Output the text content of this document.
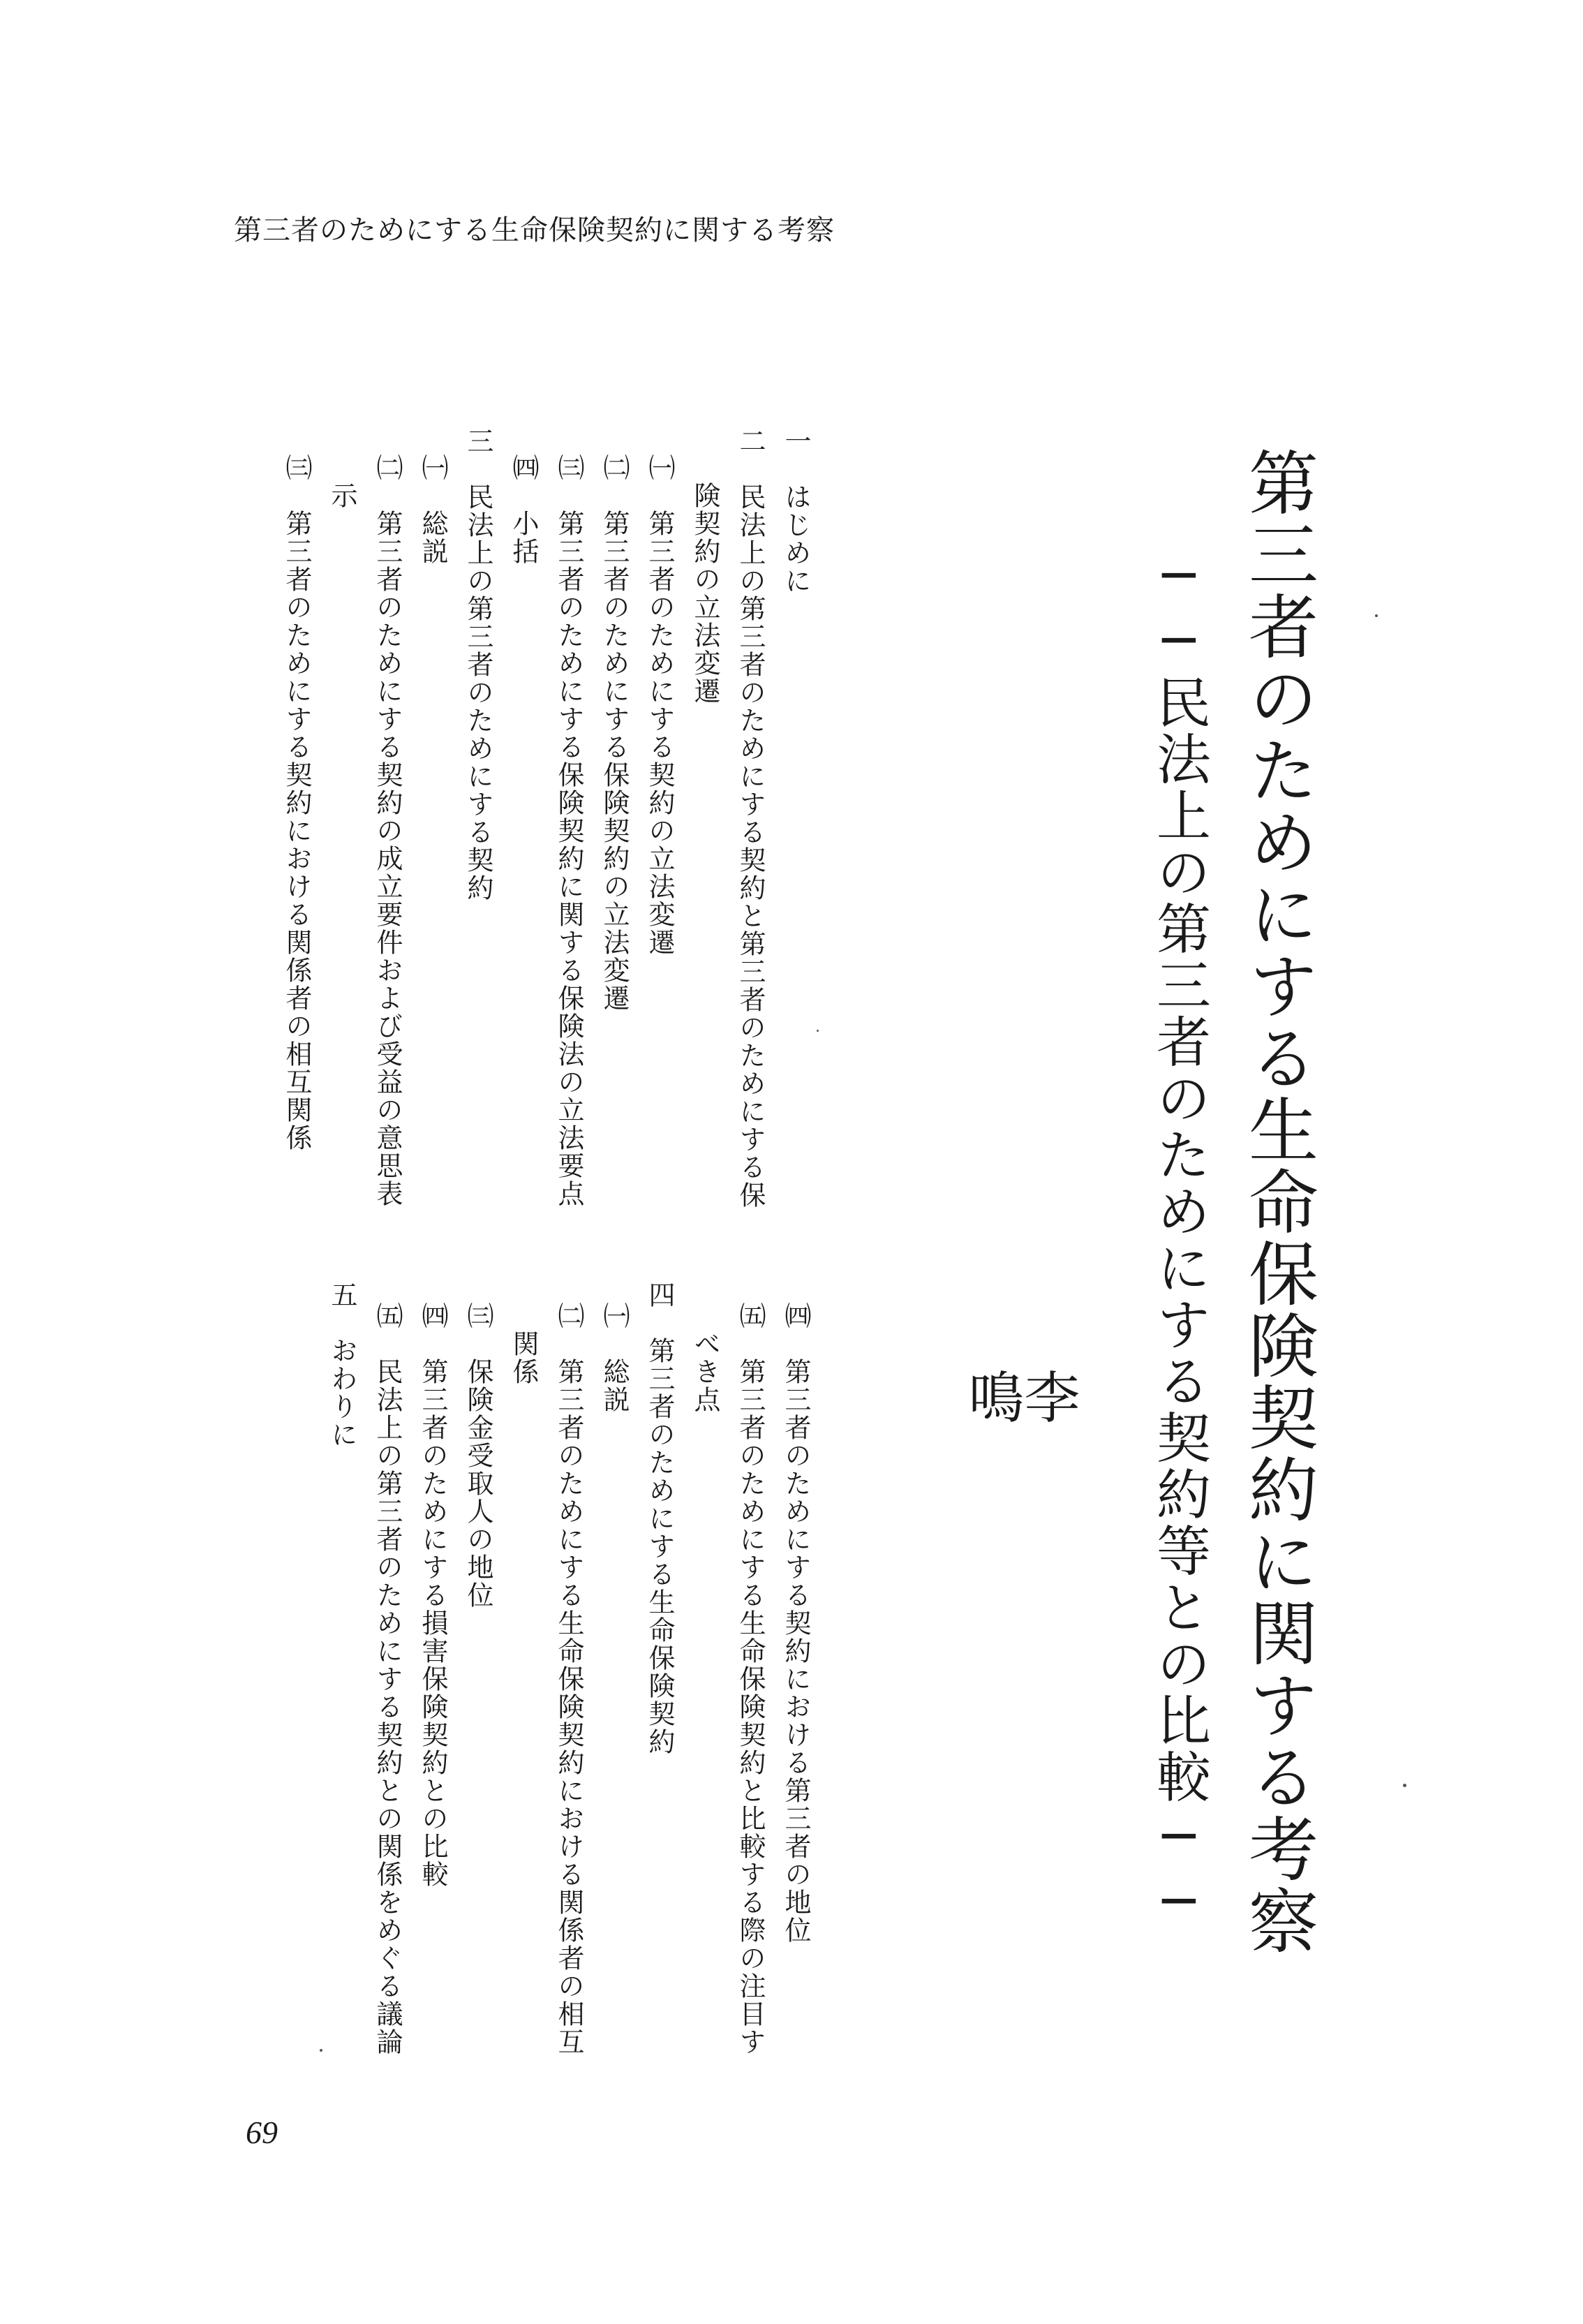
第三者のためにする生命保険契約に関する考察
第三者のためにする生命保険契約に関する考察
──民法上の第三者のためにする契約等との比較──
李
鳴
一　はじめに
二　民法上の第三者のためにする契約と第三者のためにする保
険契約の立法変遷
㈠　第三者のためにする契約の立法変遷
㈡　第三者のためにする保険契約の立法変遷
㈢　第三者のためにする保険契約に関する保険法の立法要点
㈣　小括
三　民法上の第三者のためにする契約
㈠　総説
㈡　第三者のためにする契約の成立要件および受益の意思表
示
㈢　第三者のためにする契約における関係者の相互関係
㈣　第三者のためにする契約における第三者の地位
㈤　第三者のためにする生命保険契約と比較する際の注目す
べき点
四　第三者のためにする生命保険契約
㈠　総説
㈡　第三者のためにする生命保険契約における関係者の相互
関係
㈢　保険金受取人の地位
㈣　第三者のためにする損害保険契約との比較
㈤　民法上の第三者のためにする契約との関係をめぐる議論
五　おわりに
69
